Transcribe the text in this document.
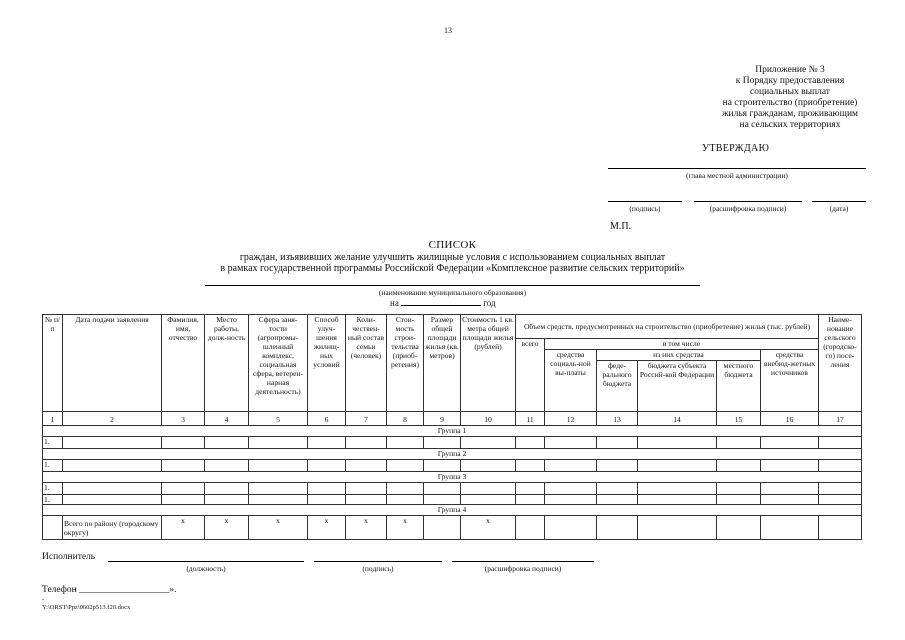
13
Приложение № 3
к Порядку предоставления
социальных выплат
на строительство (приобретение)
жилья гражданам, проживающим
на сельских территориях
УТВЕРЖДАЮ
(глава местной администрации)
(подпись)	(расшифровка подписи)	(дата)
М.П.
СПИСОК
граждан, изъявивших желание улучшить жилищные условия с использованием социальных выплат
в рамках государственной программы Российской Федерации «Комплексное развитие сельских территорий»
(наименование муниципального образования)
на	год
№ п/п	Дата подачи заявления	Фамилия, имя, отчество	Место работы, долж-ность	Сфера заня-тости (агропромы-шленный комплекс, социальная сфера, ветерен-нарная деятельность)	Способ улуч-шения жилищ-ных условий	Коли-чествен-ный состав семьи (человек)	Стои-мость строи-тельства (приоб-ретения)	Размер общей площади жилья (кв. метров)	Стоимость 1 кв. метра общей площади жилья (рублей)	Объем средств, предусмотренных на строительство (приобретение) жилья (тыс. рублей)						Наиме-нование сельского (городско-го) посе-ления
										всего	в том числе					
											средства социаль-ной вы-платы	из них средства			средства внебюд-жетных источников	
												феде-рального бюджета	бюджета субъекта Россий-кой Федерации	местного бюджета		
1	2	3	4	5	6	7	8	9	10	11	12	13	14	15	16	17
Группа 1																
1.																
Группа 2																
1.																
Группа 3																
1.																
1.																
Группа 4																
	Всего по району (городскому округу)	х	х	х	х	х	х		х							
Исполнитель
(должность)	(подпись)	(расшифровка подписи)
Телефон ___________________».
-
Y:\ORST\Ppz\0602p513.f20.docx
